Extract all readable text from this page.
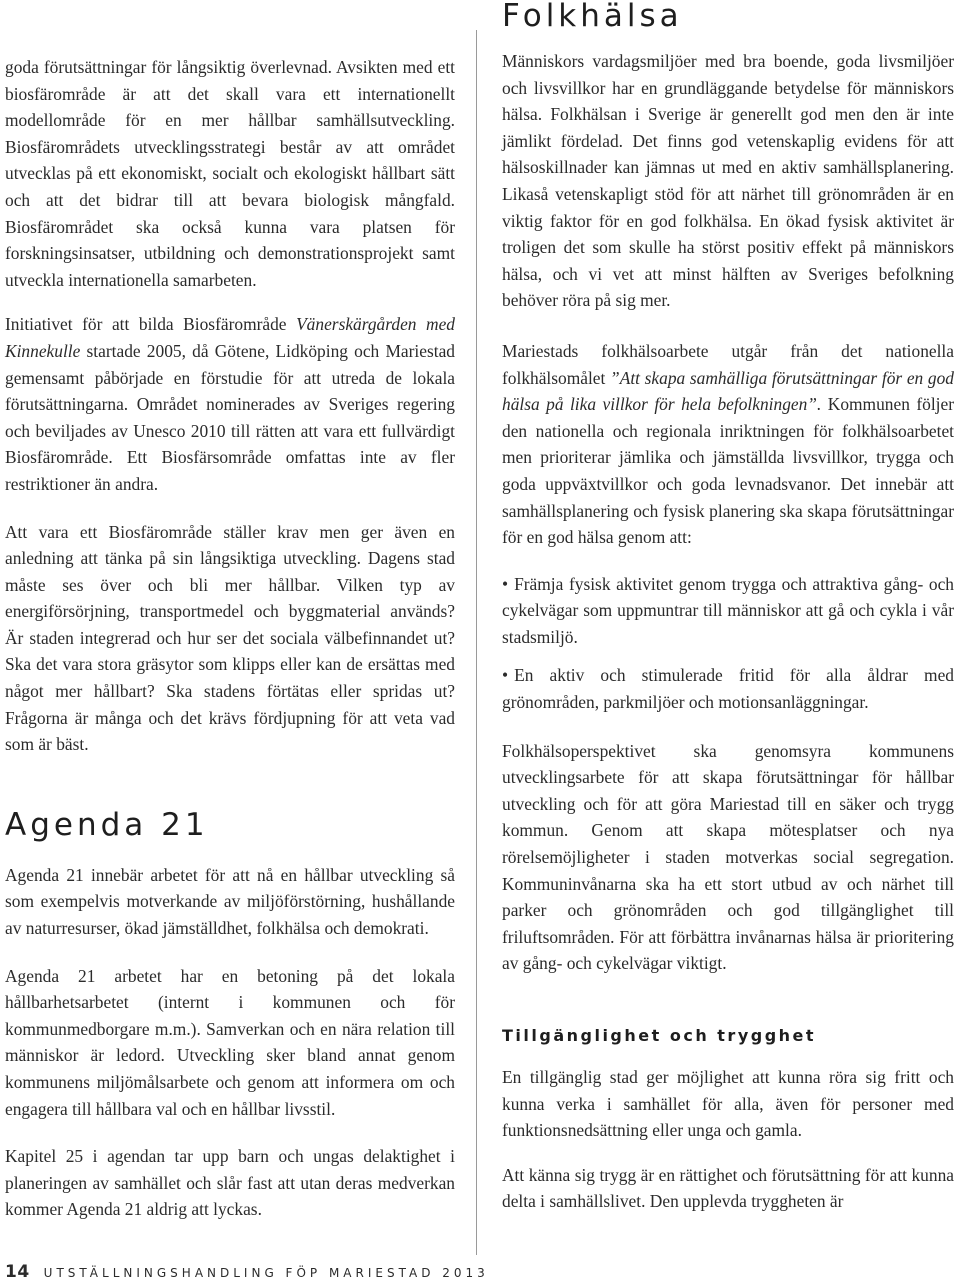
goda förutsättningar för långsiktig överlevnad. Avsikten med ett biosfärområde är att det skall vara ett internationellt modellområde för en mer hållbar samhällsutveckling. Biosfärområdets utvecklingsstrategi består av att området utvecklas på ett ekonomiskt, socialt och ekologiskt hållbart sätt och att det bidrar till att bevara biologisk mångfald. Biosfärområdet ska också kunna vara platsen för forskningsinsatser, utbildning och demonstrationsprojekt samt utveckla internationella samarbeten.

Initiativet för att bilda Biosfärområde Vänerskärgården med Kinnekulle startade 2005, då Götene, Lidköping och Mariestad gemensamt påbörjade en förstudie för att utreda de lokala förutsättningarna. Området nominerades av Sveriges regering och beviljades av Unesco 2010 till rätten att vara ett fullvärdigt Biosfärområde. Ett Biosfärsområde omfattas inte av fler restriktioner än andra.

Att vara ett Biosfärområde ställer krav men ger även en anledning att tänka på sin långsiktiga utveckling. Dagens stad måste ses över och bli mer hållbar. Vilken typ av energiförsörjning, transportmedel och byggmaterial används? Är staden integrerad och hur ser det sociala välbefinnandet ut? Ska det vara stora gräsytor som klipps eller kan de ersättas med något mer hållbart? Ska stadens förtätas eller spridas ut? Frågorna är många och det krävs fördjupning för att veta vad som är bäst.

Agenda 21

Agenda 21 innebär arbetet för att nå en hållbar utveckling så som exempelvis motverkande av miljöförstörning, hushållande av naturresurser, ökad jämställdhet, folkhälsa och demokrati.

Agenda 21 arbetet har en betoning på det lokala hållbarhetsarbetet (internt i kommunen och för kommunmedborgare m.m.). Samverkan och en nära relation till människor är ledord. Utveckling sker bland annat genom kommunens miljömålsarbete och genom att informera om och engagera till hållbara val och en hållbar livsstil.

Kapitel 25 i agendan tar upp barn och ungas delaktighet i planeringen av samhället och slår fast att utan deras medverkan kommer Agenda 21 aldrig att lyckas.

Folkhälsa

Människors vardagsmiljöer med bra boende, goda livsmiljöer och livsvillkor har en grundläggande betydelse för människors hälsa. Folkhälsan i Sverige är generellt god men den är inte jämlikt fördelad. Det finns god vetenskaplig evidens för att hälsoskillnader kan jämnas ut med en aktiv samhällsplanering. Likaså vetenskapligt stöd för att närhet till grönområden är en viktig faktor för en god folkhälsa. En ökad fysisk aktivitet är troligen det som skulle ha störst positiv effekt på människors hälsa, och vi vet att minst hälften av Sveriges befolkning behöver röra på sig mer.

Mariestads folkhälsoarbete utgår från det nationella folkhälsomålet ”Att skapa samhälliga förutsättningar för en god hälsa på lika villkor för hela befolkningen”. Kommunen följer den nationella och regionala inriktningen för folkhälsoarbetet men prioriterar jämlika och jämställda livsvillkor, trygga och goda uppväxtvillkor och goda levnadsvanor. Det innebär att samhällsplanering och fysisk planering ska skapa förutsättningar för en god hälsa genom att:

• Främja fysisk aktivitet genom trygga och attraktiva gång- och cykelvägar som uppmuntrar till människor att gå och cykla i vår stadsmiljö.
• En aktiv och stimulerade fritid för alla åldrar med grönområden, parkmiljöer och motionsanläggningar.

Folkhälsoperspektivet ska genomsyra kommunens utvecklingsarbete för att skapa förutsättningar för hållbar utveckling och för att göra Mariestad till en säker och trygg kommun. Genom att skapa mötesplatser och nya rörelsemöjligheter i staden motverkas social segregation. Kommuninvånarna ska ha ett stort utbud av och närhet till parker och grönområden och god tillgänglighet till friluftsområden. För att förbättra invånarnas hälsa är prioritering av gång- och cykelvägar viktigt.

Tillgänglighet och trygghet

En tillgänglig stad ger möjlighet att kunna röra sig fritt och kunna verka i samhället för alla, även för personer med funktionsnedsättning eller unga och gamla.

Att känna sig trygg är en rättighet och förutsättning för att kunna delta i samhällslivet. Den upplevda tryggheten är

14 UTSTÄLLNINGSHANDLING FÖP MARIESTAD 2013
